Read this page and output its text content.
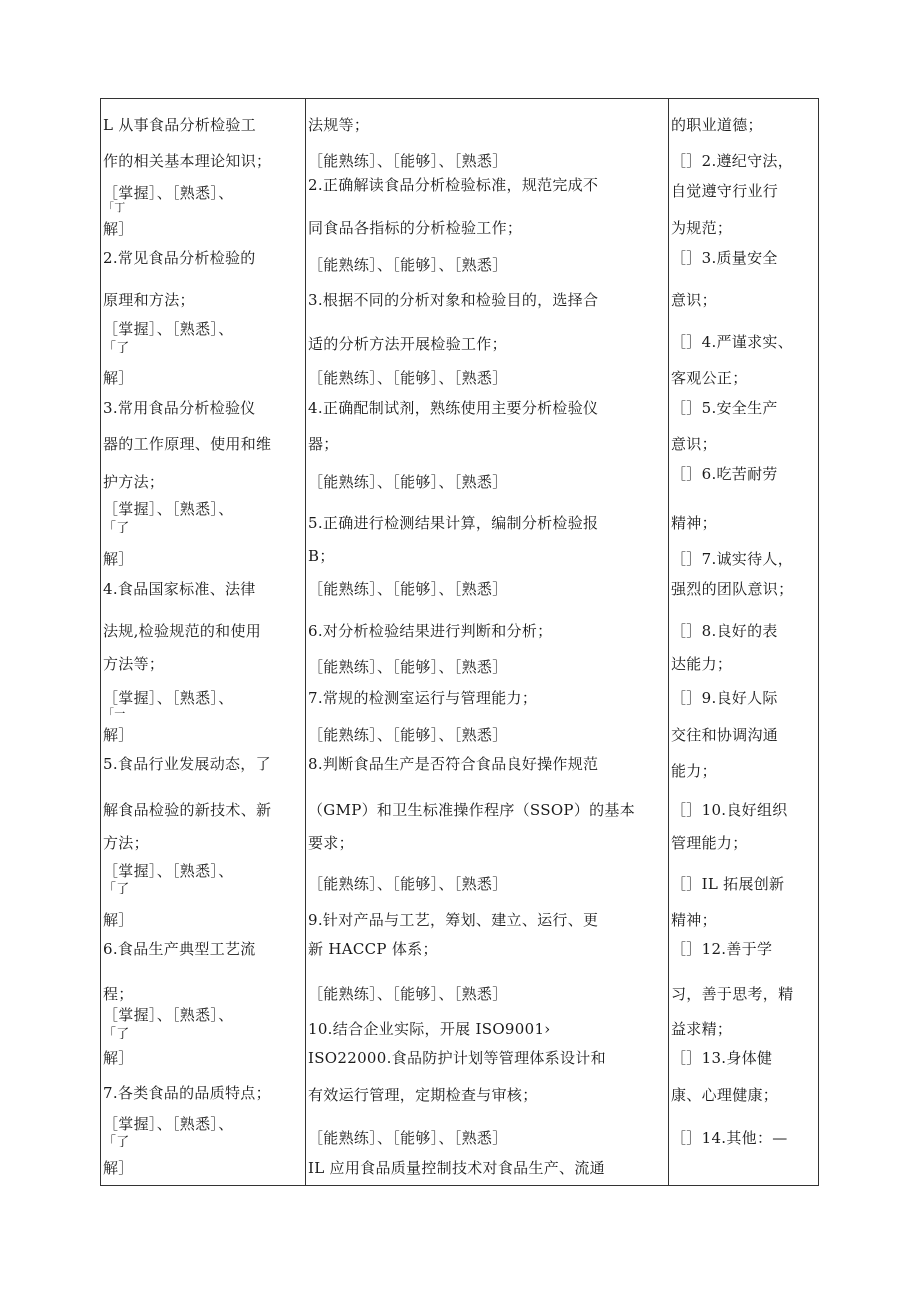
L 从事食品分析检验工
作的相关基本理论知识；
［掌握］、［熟悉］、
「丁
解］
2.常见食品分析检验的
原理和方法；
［掌握］、［熟悉］、
「了
解］
3.常用食品分析检验仪
器的工作原理、使用和维
护方法；
［掌握］、［熟悉］、
「了
解］
4.食品国家标准、法律
法规,检验规范的和使用
方法等；
［掌握］、［熟悉］、
「一
解］
5.食品行业发展动态，了
解食品检验的新技术、新
方法；
［掌握］、［熟悉］、
「了
解］
6.食品生产典型工艺流
程；
［掌握］、［熟悉］、
「了
解］
7.各类食品的品质特点；
［掌握］、［熟悉］、
「了
解］
法规等；
［能熟练］、［能够］、［熟悉］
2.正确解读食品分析检验标准，规范完成不
同食品各指标的分析检验工作；
［能熟练］、［能够］、［熟悉］
3.根据不同的分析对象和检验目的，选择合
适的分析方法开展检验工作；
［能熟练］、［能够］、［熟悉］
4.正确配制试剂，熟练使用主要分析检验仪
器；
［能熟练］、［能够］、［熟悉］
5.正确进行检测结果计算，编制分析检验报
B；
［能熟练］、［能够］、［熟悉］
6.对分析检验结果进行判断和分析；
［能熟练］、［能够］、［熟悉］
7.常规的检测室运行与管理能力；
［能熟练］、［能够］、［熟悉］
8.判断食品生产是否符合食品良好操作规范
（GMP）和卫生标准操作程序（SSOP）的基本
要求；
［能熟练］、［能够］、［熟悉］
9.针对产品与工艺，筹划、建立、运行、更
新 HACCP 体系；
［能熟练］、［能够］、［熟悉］
10.结合企业实际，开展 ISO9001›
ISO22000.食品防护计划等管理体系设计和
有效运行管理，定期检查与审核；
［能熟练］、［能够］、［熟悉］
IL 应用食品质量控制技术对食品生产、流通
的职业道德；
［］2.遵纪守法，
自觉遵守行业行
为规范；
［］3.质量安全
意识；
［］4.严谨求实、
客观公正；
［］5.安全生产
意识；
［］6.吃苦耐劳
精神；
［］7.诚实待人，
强烈的团队意识；
［］8.良好的表
达能力；
［］9.良好人际
交往和协调沟通
能力；
［］10.良好组织
管理能力；
［］IL 拓展创新
精神；
［］12.善于学
习，善于思考，精
益求精；
［］13.身体健
康、心理健康；
［］14.其他：—
